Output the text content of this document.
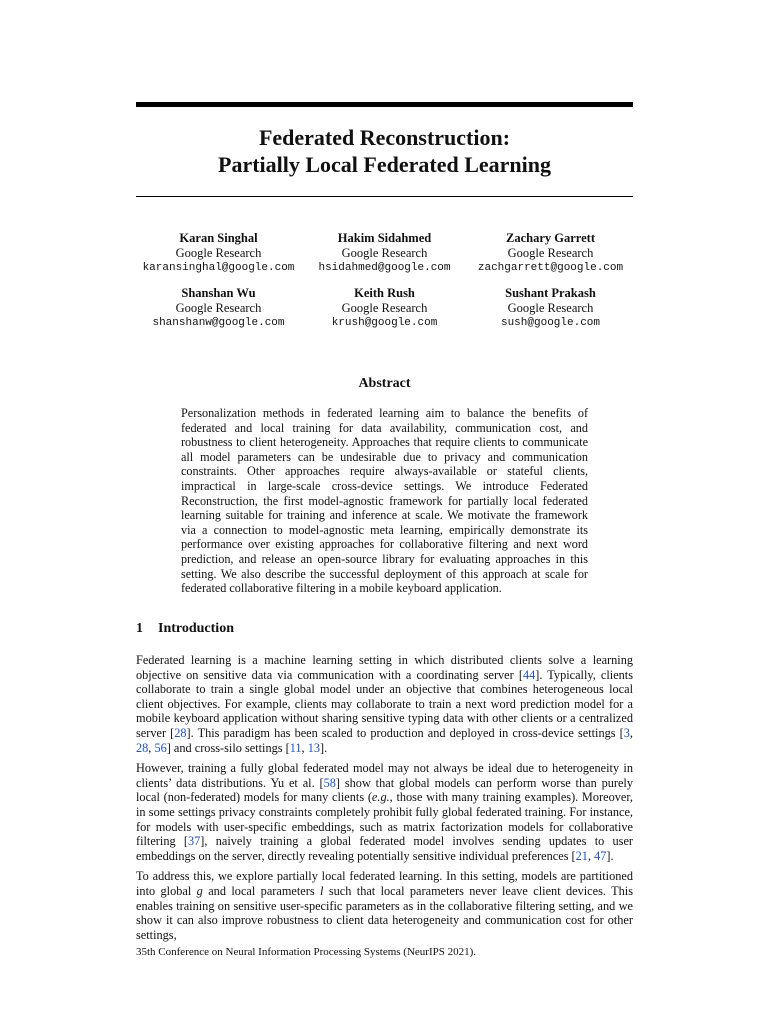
Federated Reconstruction:
Partially Local Federated Learning
Karan Singhal
Google Research
karansinghal@google.com
Hakim Sidahmed
Google Research
hsidahmed@google.com
Zachary Garrett
Google Research
zachgarrett@google.com
Shanshan Wu
Google Research
shanshanw@google.com
Keith Rush
Google Research
krush@google.com
Sushant Prakash
Google Research
sush@google.com
Abstract
Personalization methods in federated learning aim to balance the benefits of federated and local training for data availability, communication cost, and robustness to client heterogeneity. Approaches that require clients to communicate all model parameters can be undesirable due to privacy and communication constraints. Other approaches require always-available or stateful clients, impractical in large-scale cross-device settings. We introduce Federated Reconstruction, the first model-agnostic framework for partially local federated learning suitable for training and inference at scale. We motivate the framework via a connection to model-agnostic meta learning, empirically demonstrate its performance over existing approaches for collaborative filtering and next word prediction, and release an open-source library for evaluating approaches in this setting. We also describe the successful deployment of this approach at scale for federated collaborative filtering in a mobile keyboard application.
1 Introduction

Federated learning is a machine learning setting in which distributed clients solve a learning objective on sensitive data via communication with a coordinating server [44]. Typically, clients collaborate to train a single global model under an objective that combines heterogeneous local client objectives. For example, clients may collaborate to train a next word prediction model for a mobile keyboard application without sharing sensitive typing data with other clients or a centralized server [28]. This paradigm has been scaled to production and deployed in cross-device settings [3, 28, 56] and cross-silo settings [11, 13].

However, training a fully global federated model may not always be ideal due to heterogeneity in clients’ data distributions. Yu et al. [58] show that global models can perform worse than purely local (non-federated) models for many clients (e.g., those with many training examples). Moreover, in some settings privacy constraints completely prohibit fully global federated training. For instance, for models with user-specific embeddings, such as matrix factorization models for collaborative filtering [37], naively training a global federated model involves sending updates to user embeddings on the server, directly revealing potentially sensitive individual preferences [21, 47].

To address this, we explore partially local federated learning. In this setting, models are partitioned into global g and local parameters l such that local parameters never leave client devices. This enables training on sensitive user-specific parameters as in the collaborative filtering setting, and we show it can also improve robustness to client data heterogeneity and communication cost for other settings,

35th Conference on Neural Information Processing Systems (NeurIPS 2021).
